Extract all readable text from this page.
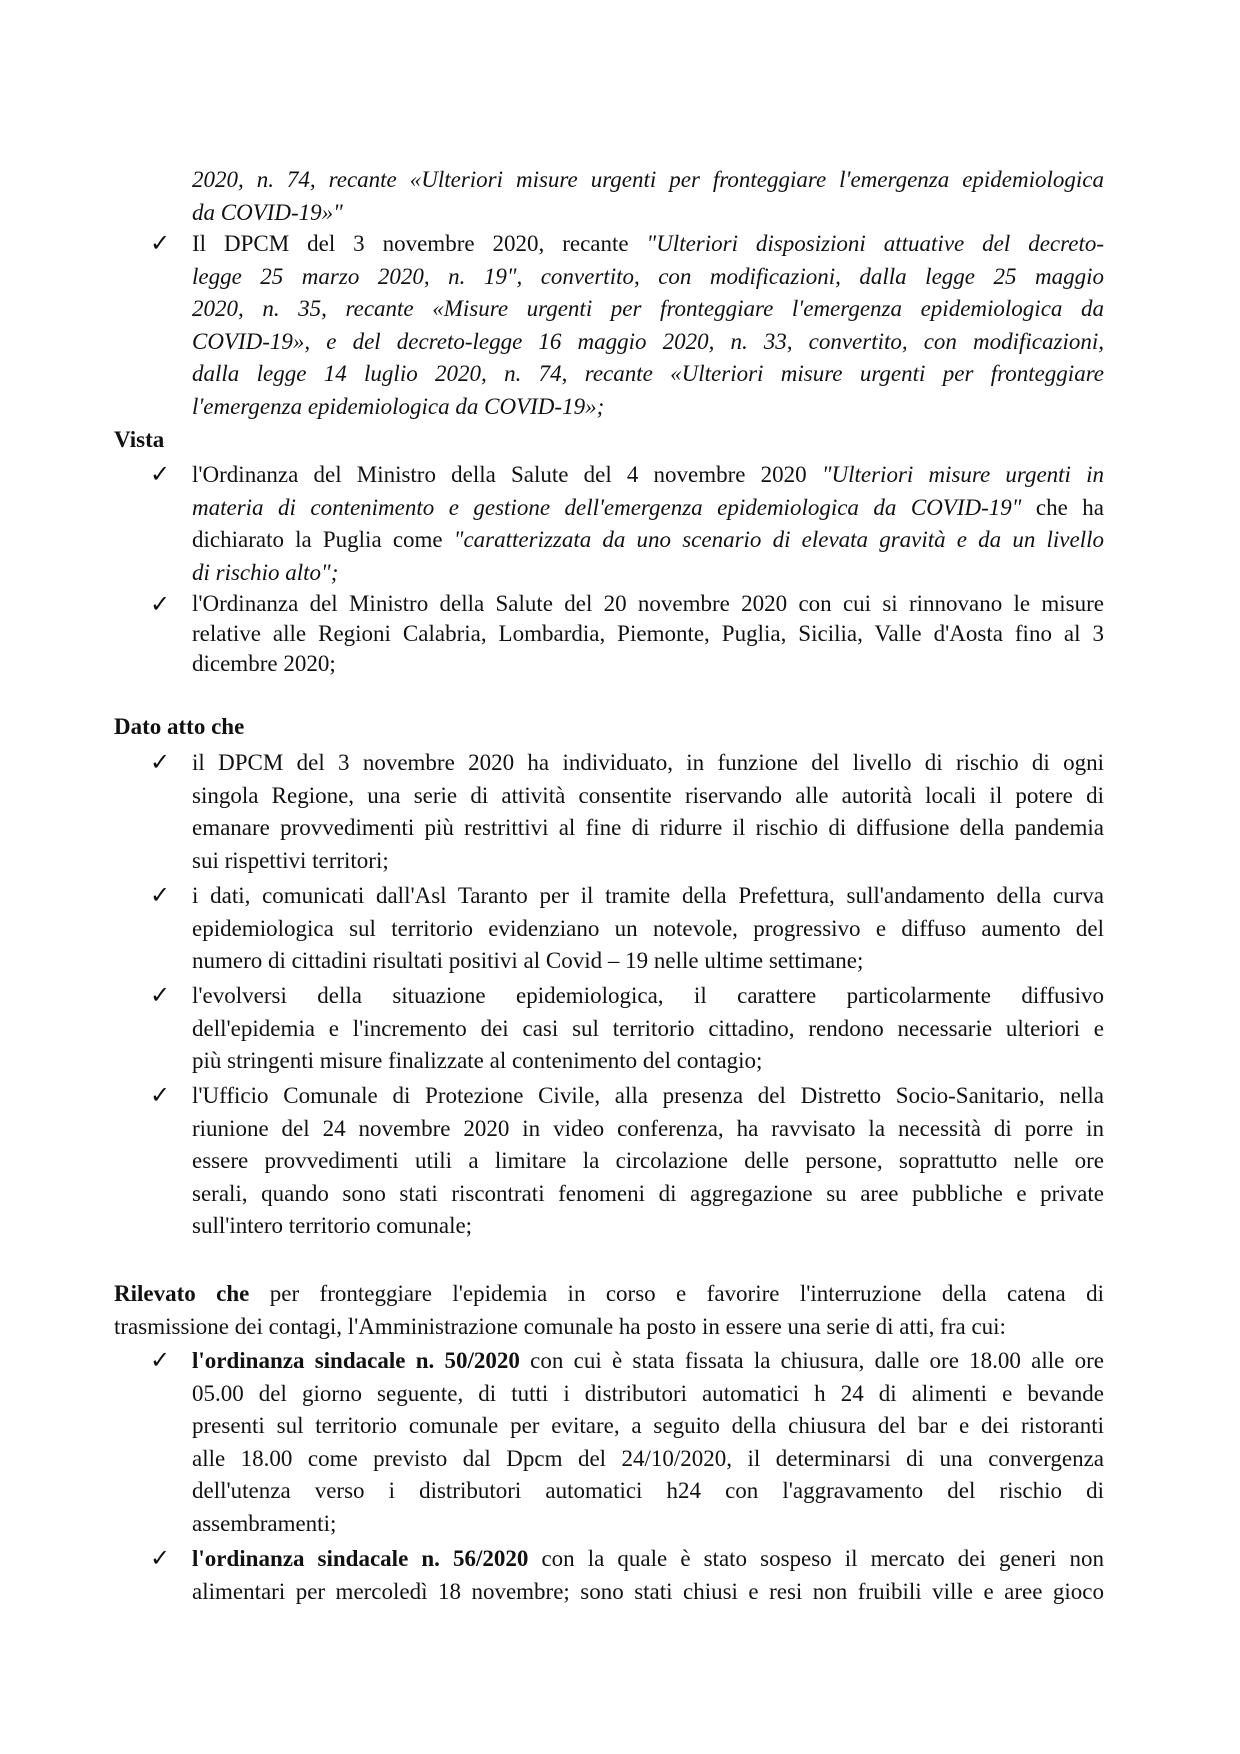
2020, n. 74, recante «Ulteriori misure urgenti per fronteggiare l'emergenza epidemiologica
da COVID-19»"
✓ Il DPCM del 3 novembre 2020, recante "Ulteriori disposizioni attuative del decreto-
legge 25 marzo 2020, n. 19", convertito, con modificazioni, dalla legge 25 maggio
2020, n. 35, recante «Misure urgenti per fronteggiare l'emergenza epidemiologica da
COVID-19», e del decreto-legge 16 maggio 2020, n. 33, convertito, con modificazioni,
dalla legge 14 luglio 2020, n. 74, recante «Ulteriori misure urgenti per fronteggiare
l'emergenza epidemiologica da COVID-19»;
Vista
✓ l'Ordinanza del Ministro della Salute del 4 novembre 2020 "Ulteriori misure urgenti in
materia di contenimento e gestione dell'emergenza epidemiologica da COVID-19" che ha
dichiarato la Puglia come "caratterizzata da uno scenario di elevata gravità e da un livello
di rischio alto";
✓ l'Ordinanza del Ministro della Salute del 20 novembre 2020 con cui si rinnovano le misure
relative alle Regioni Calabria, Lombardia, Piemonte, Puglia, Sicilia, Valle d'Aosta fino al 3
dicembre 2020;
Dato atto che
✓ il DPCM del 3 novembre 2020 ha individuato, in funzione del livello di rischio di ogni
singola Regione, una serie di attività consentite riservando alle autorità locali il potere di
emanare provvedimenti più restrittivi al fine di ridurre il rischio di diffusione della pandemia
sui rispettivi territori;
✓ i dati, comunicati dall'Asl Taranto per il tramite della Prefettura, sull'andamento della curva
epidemiologica sul territorio evidenziano un notevole, progressivo e diffuso aumento del
numero di cittadini risultati positivi al Covid – 19 nelle ultime settimane;
✓ l'evolversi della situazione epidemiologica, il carattere particolarmente diffusivo
dell'epidemia e l'incremento dei casi sul territorio cittadino, rendono necessarie ulteriori e
più stringenti misure finalizzate al contenimento del contagio;
✓ l'Ufficio Comunale di Protezione Civile, alla presenza del Distretto Socio-Sanitario, nella
riunione del 24 novembre 2020 in video conferenza, ha ravvisato la necessità di porre in
essere provvedimenti utili a limitare la circolazione delle persone, soprattutto nelle ore
serali, quando sono stati riscontrati fenomeni di aggregazione su aree pubbliche e private
sull'intero territorio comunale;
Rilevato che per fronteggiare l'epidemia in corso e favorire l'interruzione della catena di
trasmissione dei contagi, l'Amministrazione comunale ha posto in essere una serie di atti, fra cui:
✓ l'ordinanza sindacale n. 50/2020 con cui è stata fissata la chiusura, dalle ore 18.00 alle ore
05.00 del giorno seguente, di tutti i distributori automatici h 24 di alimenti e bevande
presenti sul territorio comunale per evitare, a seguito della chiusura del bar e dei ristoranti
alle 18.00 come previsto dal Dpcm del 24/10/2020, il determinarsi di una convergenza
dell'utenza verso i distributori automatici h24 con l'aggravamento del rischio di
assembramenti;
✓ l'ordinanza sindacale n. 56/2020 con la quale è stato sospeso il mercato dei generi non
alimentari per mercoledì 18 novembre; sono stati chiusi e resi non fruibili ville e aree gioco
